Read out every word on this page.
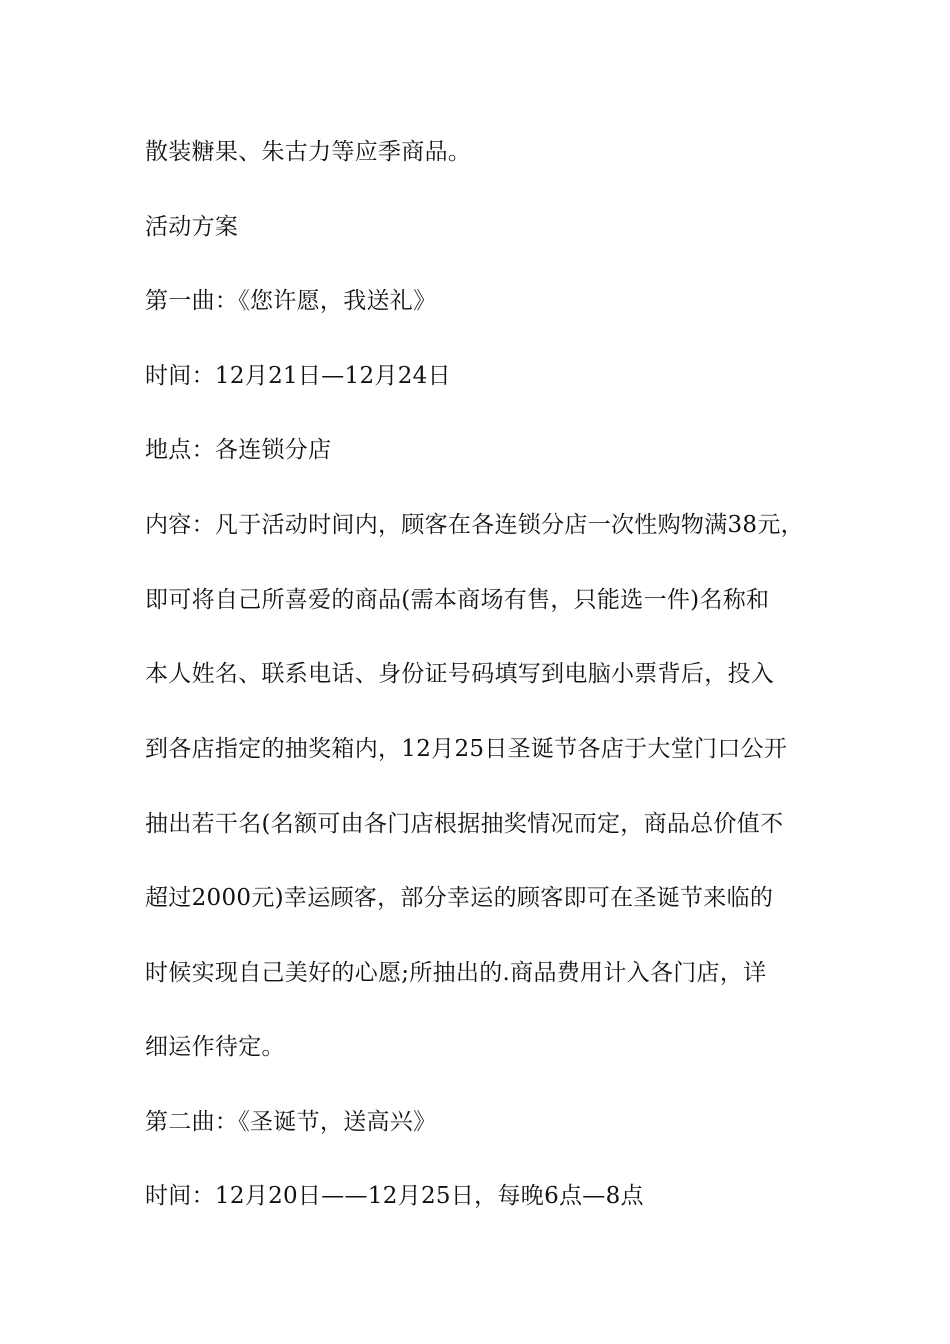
散装糖果、朱古力等应季商品。

活动方案

第一曲：《您许愿，我送礼》

时间：12月21日—12月24日

地点：各连锁分店

内容：凡于活动时间内，顾客在各连锁分店一次性购物满38元，

即可将自己所喜爱的商品(需本商场有售，只能选一件)名称和

本人姓名、联系电话、身份证号码填写到电脑小票背后，投入

到各店指定的抽奖箱内，12月25日圣诞节各店于大堂门口公开

抽出若干名(名额可由各门店根据抽奖情况而定，商品总价值不

超过2000元)幸运顾客，部分幸运的顾客即可在圣诞节来临的

时候实现自己美好的心愿;所抽出的.商品费用计入各门店，详

细运作待定。

第二曲：《圣诞节，送高兴》

时间：12月20日——12月25日，每晚6点—8点
